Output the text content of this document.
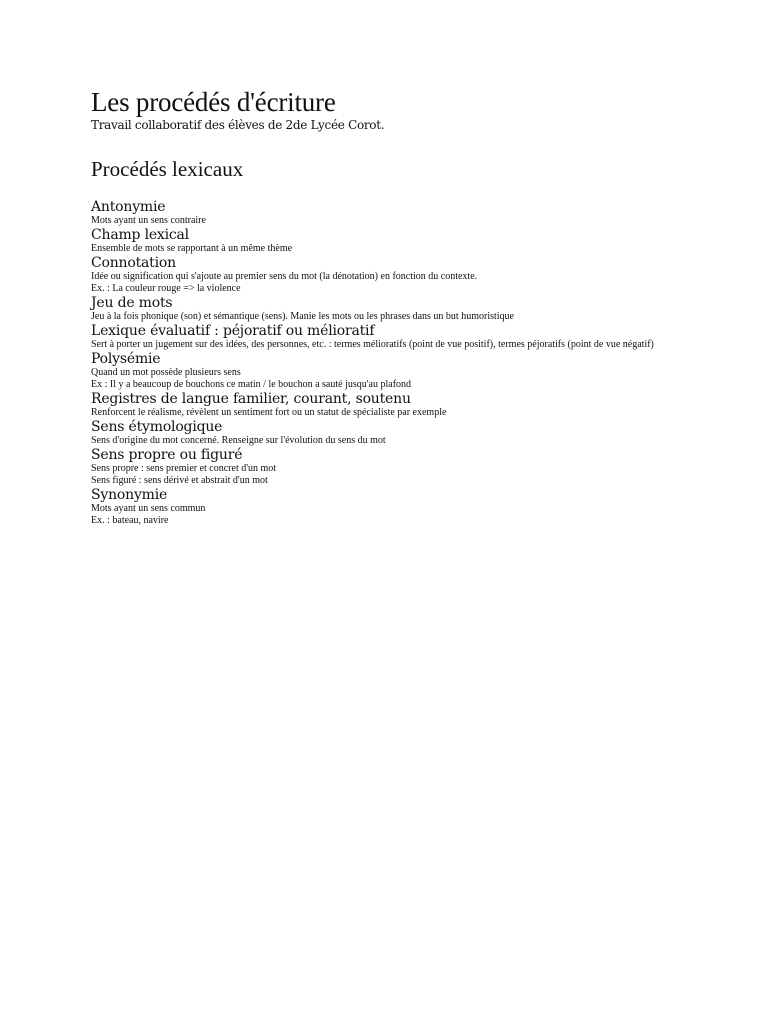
Les procédés d'écriture

Travail collaboratif des élèves de 2de Lycée Corot.

Procédés lexicaux
Antonymie
Mots ayant un sens contraire
Champ lexical
Ensemble de mots se rapportant à un même thème
Connotation
Idée ou signification qui s'ajoute au premier sens du mot (la dénotation) en fonction du contexte.
Ex. : La couleur rouge => la violence
Jeu de mots
Jeu à la fois phonique (son) et sémantique (sens). Manie les mots ou les phrases dans un but humoristique
Lexique évaluatif : péjoratif ou mélioratif
Sert à porter un jugement sur des idées, des personnes, etc. : termes mélioratifs (point de vue positif), termes péjoratifs (point de vue négatif)
Polysémie
Quand un mot possède plusieurs sens
Ex : Il y a beaucoup de bouchons ce matin / le bouchon a sauté jusqu'au plafond
Registres de langue familier, courant, soutenu
Renforcent le réalisme, révèlent un sentiment fort ou un statut de spécialiste par exemple
Sens étymologique
Sens d'origine du mot concerné. Renseigne sur l'évolution du sens du mot
Sens propre ou figuré
Sens propre : sens premier et concret d'un mot
Sens figuré : sens dérivé et abstrait d'un mot
Synonymie
Mots ayant un sens commun
Ex. : bateau, navire
